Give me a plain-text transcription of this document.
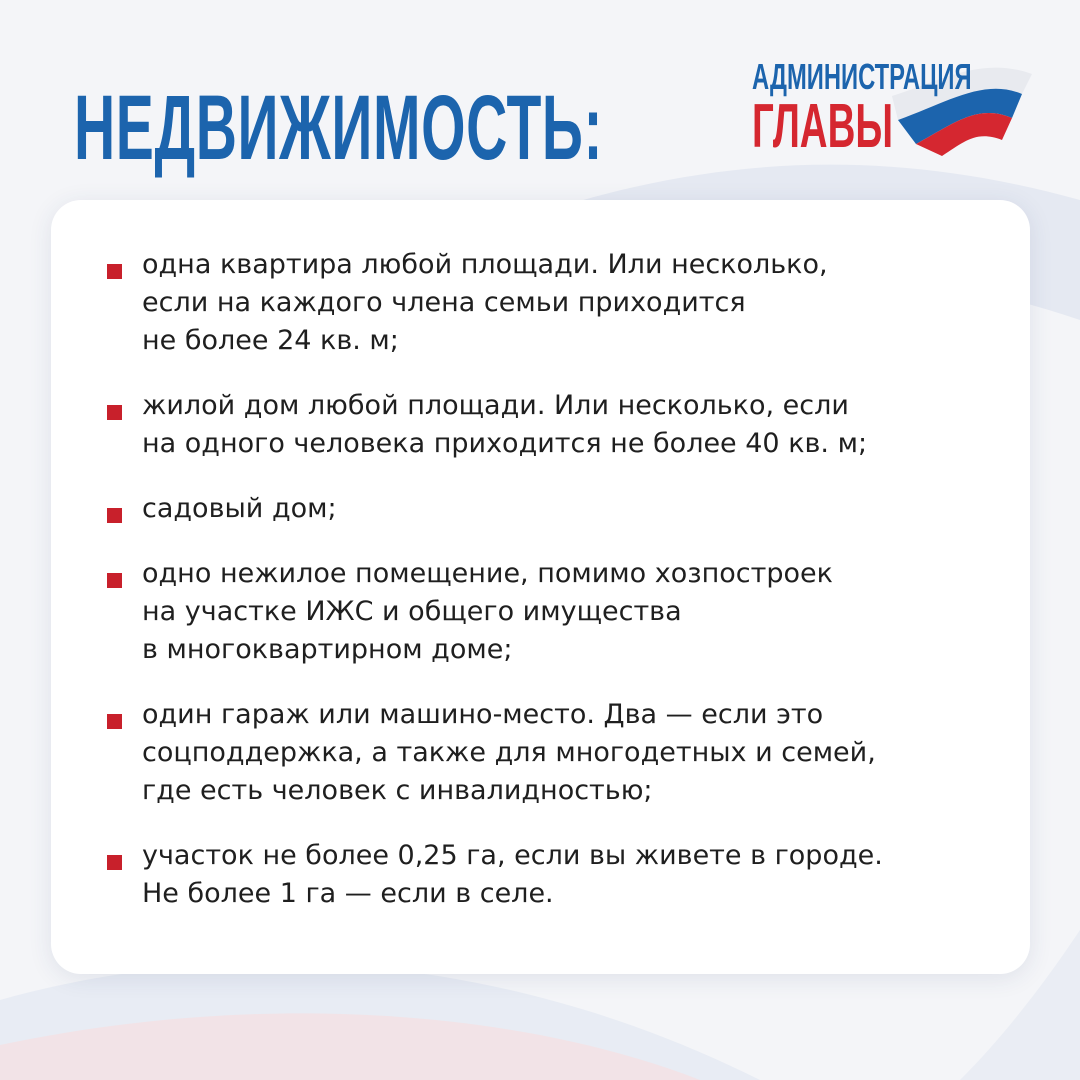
НЕДВИЖИМОСТЬ:
АДМИНИСТРАЦИЯ
ГЛАВЫ
одна квартира любой площади. Или несколько,
если на каждого члена семьи приходится
не более 24 кв. м;
жилой дом любой площади. Или несколько, если
на одного человека приходится не более 40 кв. м;
садовый дом;
одно нежилое помещение, помимо хозпостроек
на участке ИЖС и общего имущества
в многоквартирном доме;
один гараж или машино-место. Два — если это
соцподдержка, а также для многодетных и семей,
где есть человек с инвалидностью;
участок не более 0,25 га, если вы живете в городе.
Не более 1 га — если в селе.
